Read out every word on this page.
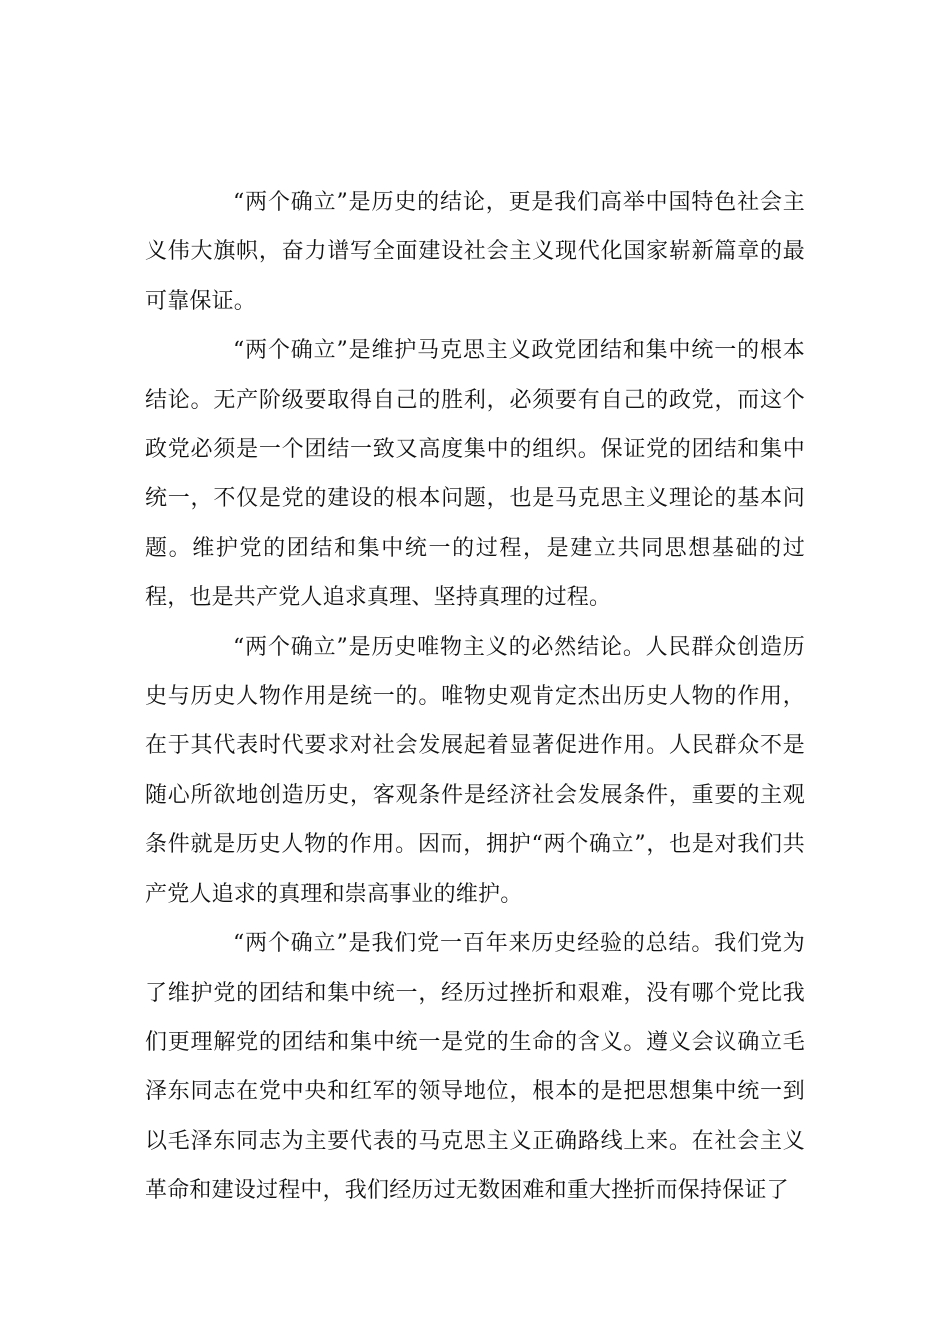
“两个确立”是历史的结论，更是我们高举中国特色社会主义伟大旗帜，奋力谱写全面建设社会主义现代化国家崭新篇章的最可靠保证。

“两个确立”是维护马克思主义政党团结和集中统一的根本结论。无产阶级要取得自己的胜利，必须要有自己的政党，而这个政党必须是一个团结一致又高度集中的组织。保证党的团结和集中统一，不仅是党的建设的根本问题，也是马克思主义理论的基本问题。维护党的团结和集中统一的过程，是建立共同思想基础的过程，也是共产党人追求真理、坚持真理的过程。

“两个确立”是历史唯物主义的必然结论。人民群众创造历史与历史人物作用是统一的。唯物史观肯定杰出历史人物的作用，在于其代表时代要求对社会发展起着显著促进作用。人民群众不是随心所欲地创造历史，客观条件是经济社会发展条件，重要的主观条件就是历史人物的作用。因而，拥护“两个确立”，也是对我们共产党人追求的真理和崇高事业的维护。

“两个确立”是我们党一百年来历史经验的总结。我们党为了维护党的团结和集中统一，经历过挫折和艰难，没有哪个党比我们更理解党的团结和集中统一是党的生命的含义。遵义会议确立毛泽东同志在党中央和红军的领导地位，根本的是把思想集中统一到以毛泽东同志为主要代表的马克思主义正确路线上来。在社会主义革命和建设过程中，我们经历过无数困难和重大挫折而保持保证了
